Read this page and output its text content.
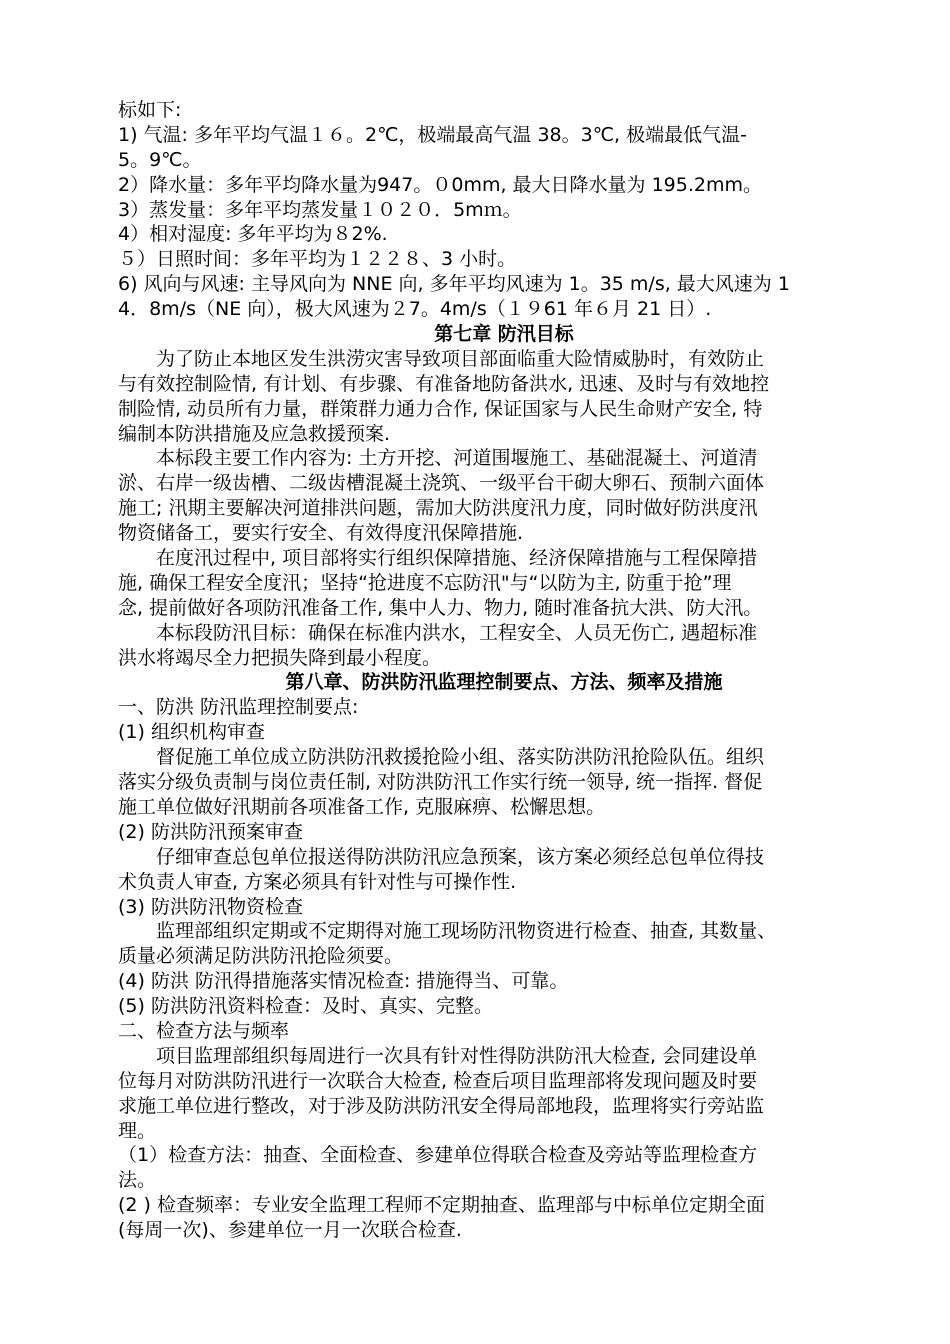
标如下:
1) 气温: 多年平均气温１６。2℃，极端最高气温 38。3℃, 极端最低气温-
5。9℃。
2）降水量：多年平均降水量为947。０0mm, 最大日降水量为 195.2mm。
3）蒸发量：多年平均蒸发量１０２０．5mｍ。
4）相对湿度: 多年平均为８2%.
５）日照时间：多年平均为１２２８、3 小时。
6) 风向与风速: 主导风向为 NNE 向, 多年平均风速为 1。35 m/s, 最大风速为 1
4．8m/s（NE 向），极大风速为２7。4m/s（１９61 年６月 21 日）.
第七章 防汛目标
　　为了防止本地区发生洪涝灾害导致项目部面临重大险情威胁时，有效防止
与有效控制险情, 有计划、有步骤、有准备地防备洪水, 迅速、及时与有效地控
制险情, 动员所有力量，群策群力通力合作, 保证国家与人民生命财产安全, 特
编制本防洪措施及应急救援预案.
　　本标段主要工作内容为: 土方开挖、河道围堰施工、基础混凝土、河道清
淤、右岸一级齿槽、二级齿槽混凝土浇筑、一级平台干砌大卵石、预制六面体
施工; 汛期主要解决河道排洪问题，需加大防洪度汛力度，同时做好防洪度汛
物资储备工，要实行安全、有效得度汛保障措施.
　　在度汛过程中, 项目部将实行组织保障措施、经济保障措施与工程保障措
施, 确保工程安全度汛；坚持“抢进度不忘防汛"与“以防为主, 防重于抢”理
念, 提前做好各项防汛准备工作, 集中人力、物力, 随时准备抗大洪、防大汛。
　　本标段防汛目标：确保在标准内洪水，工程安全、人员无伤亡, 遇超标准
洪水将竭尽全力把损失降到最小程度。
第八章、防洪防汛监理控制要点、方法、频率及措施
一、防洪 防汛监理控制要点:
(1) 组织机构审查
　　督促施工单位成立防洪防汛救援抢险小组、落实防洪防汛抢险队伍。组织
落实分级负责制与岗位责任制, 对防洪防汛工作实行统一领导, 统一指挥. 督促
施工单位做好汛期前各项准备工作, 克服麻痹、松懈思想。
(2) 防洪防汛预案审查
　　仔细审查总包单位报送得防洪防汛应急预案，该方案必须经总包单位得技
术负责人审查, 方案必须具有针对性与可操作性.
(3) 防洪防汛物资检查
　　监理部组织定期或不定期得对施工现场防汛物资进行检查、抽查, 其数量、
质量必须满足防洪防汛抢险须要。
(4) 防洪 防汛得措施落实情况检查: 措施得当、可靠。
(5) 防洪防汛资料检查：及时、真实、完整。
二、检查方法与频率
　　项目监理部组织每周进行一次具有针对性得防洪防汛大检查, 会同建设单
位每月对防洪防汛进行一次联合大检查, 检查后项目监理部将发现问题及时要
求施工单位进行整改，对于涉及防洪防汛安全得局部地段，监理将实行旁站监
理。
（1）检查方法：抽查、全面检查、参建单位得联合检查及旁站等监理检查方
法。
(2 ) 检查频率：专业安全监理工程师不定期抽查、监理部与中标单位定期全面
(每周一次)、参建单位一月一次联合检查.
